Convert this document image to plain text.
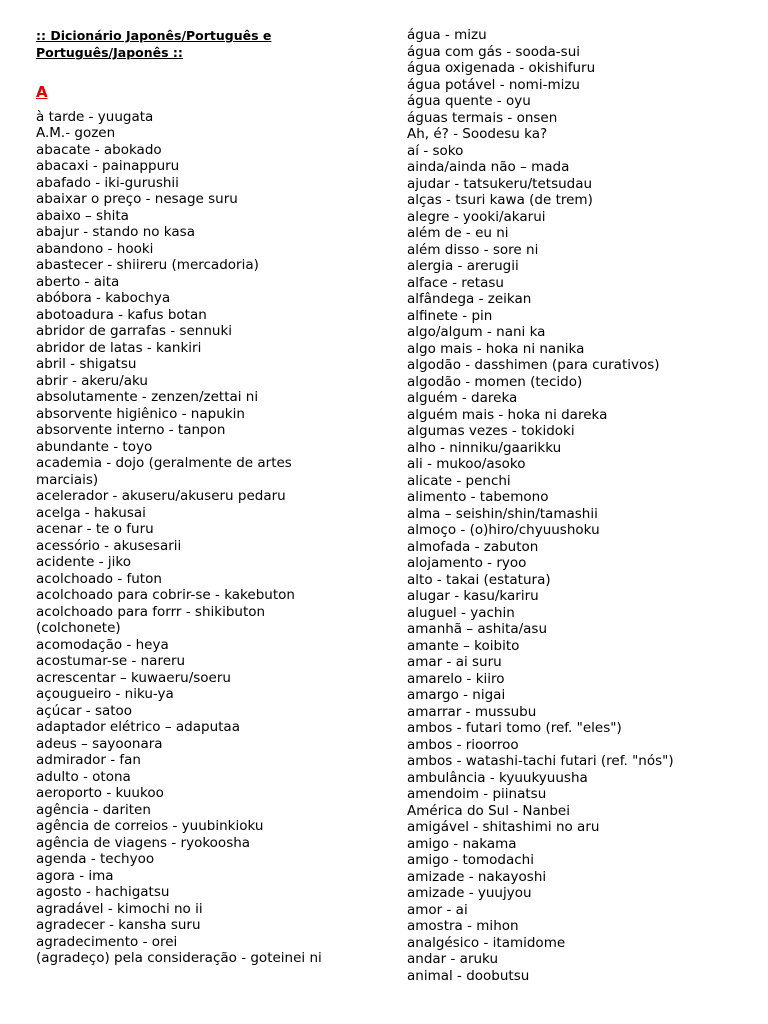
:: Dicionário Japonês/Português e
Português/Japonês ::
A
à tarde - yuugata
A.M.- gozen
abacate - abokado
abacaxi - painappuru
abafado - iki-gurushii
abaixar o preço - nesage suru
abaixo – shita
abajur - stando no kasa
abandono - hooki
abastecer - shiireru (mercadoria)
aberto - aita
abóbora - kabochya
abotoadura - kafus botan
abridor de garrafas - sennuki
abridor de latas - kankiri
abril - shigatsu
abrir - akeru/aku
absolutamente - zenzen/zettai ni
absorvente higiênico - napukin
absorvente interno - tanpon
abundante - toyo
academia - dojo (geralmente de artes marciais)
acelerador - akuseru/akuseru pedaru
acelga - hakusai
acenar - te o furu
acessório - akusesarii
acidente - jiko
acolchoado - futon
acolchoado para cobrir-se - kakebuton
acolchoado para forrr - shikibuton (colchonete)
acomodação - heya
acostumar-se - nareru
acrescentar – kuwaeru/soeru
açougueiro - niku-ya
açúcar - satoo
adaptador elétrico – adaputaa
adeus – sayoonara
admirador - fan
adulto - otona
aeroporto - kuukoo
agência - dariten
agência de correios - yuubinkioku
agência de viagens - ryokoosha
agenda - techyoo
agora - ima
agosto - hachigatsu
agradável - kimochi no ii
agradecer - kansha suru
agradecimento - orei
(agradeço) pela consideração - goteinei ni
água - mizu
água com gás - sooda-sui
água oxigenada - okishifuru
água potável - nomi-mizu
água quente - oyu
águas termais - onsen
Ah, é? - Soodesu ka?
aí - soko
ainda/ainda não – mada
ajudar - tatsukeru/tetsudau
alças - tsuri kawa (de trem)
alegre - yooki/akarui
além de - eu ni
além disso - sore ni
alergia - arerugii
alface - retasu
alfândega - zeikan
alfinete - pin
algo/algum - nani ka
algo mais - hoka ni nanika
algodão - dasshimen (para curativos)
algodão - momen (tecido)
alguém - dareka
alguém mais - hoka ni dareka
algumas vezes - tokidoki
alho - ninniku/gaarikku
ali - mukoo/asoko
alicate - penchi
alimento - tabemono
alma – seishin/shin/tamashii
almoço - (o)hiro/chyuushoku
almofada - zabuton
alojamento - ryoo
alto - takai (estatura)
alugar - kasu/kariru
aluguel - yachin
amanhã – ashita/asu
amante – koibito
amar - ai suru
amarelo - kiiro
amargo - nigai
amarrar - mussubu
ambos - futari tomo (ref. "eles")
ambos - rioorroo
ambos - watashi-tachi futari (ref. "nós")
ambulância - kyuukyuusha
amendoim - piinatsu
América do Sul - Nanbei
amigável - shitashimi no aru
amigo - nakama
amigo - tomodachi
amizade - nakayoshi
amizade - yuujyou
amor - ai
amostra - mihon
analgésico - itamidome
andar - aruku
animal - doobutsu
